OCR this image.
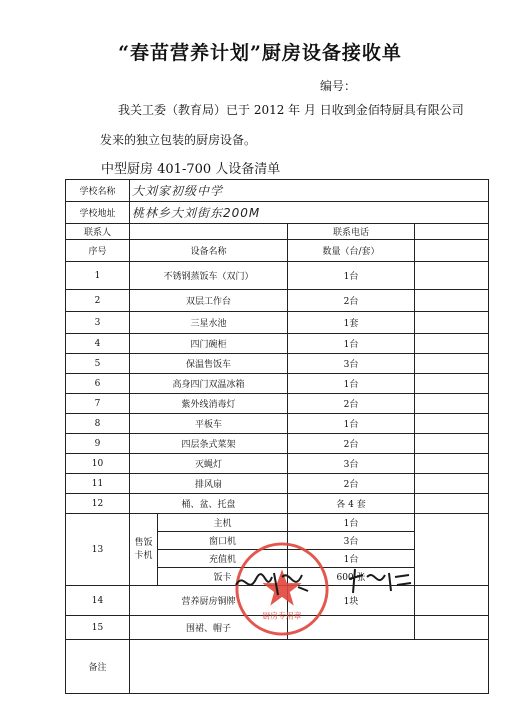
“春苗营养计划”厨房设备接收单
编号：
我关工委（教育局）已于 2012 年 月 日收到金佰特厨具有限公司
发来的独立包装的厨房设备。
中型厨房 401-700 人设备清单
学校名称	大刘家初级中学			
学校地址	桃林乡大刘街东200M			
联系人			联系电话	
序号	设备名称		数量（台/套）	
1	不锈钢蒸饭车（双门）		1台	
2	双层工作台		2台	
3	三星水池		1套	
4	四门碗柜		1台	
5	保温售饭车		3台	
6	高身四门双温冰箱		1台	
7	紫外线消毒灯		2台	
8	平板车		1台	
9	四层条式菜架		2台	
10	灭蝇灯		3台	
11	排风扇		2台	
12	桶、盆、托盘		各 4 套	
13	售饭卡机	主机	1台	
		窗口机	3台	
		充值机	1台	
		饭卡	600 张	
14	营养厨房铜牌		1块	
15	围裙、帽子			
备注				
厨房专用章
